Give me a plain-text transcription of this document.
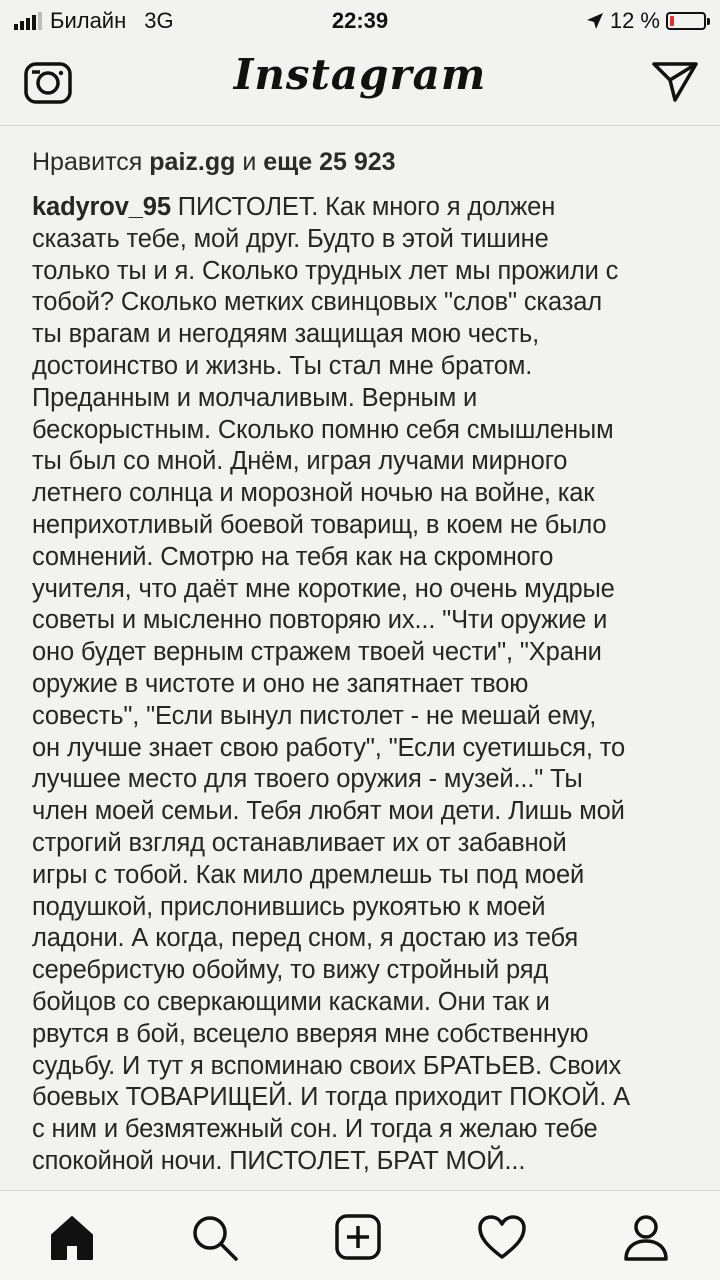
Билайн 3G	22:39	12 %
Instagram
Нравится paiz.gg и еще 25 923
kadyrov_95 ПИСТОЛЕТ. Как много я должен
сказать тебе, мой друг. Будто в этой тишине
только ты и я. Сколько трудных лет мы прожили с
тобой? Сколько метких свинцовых "слов" сказал
ты врагам и негодяям защищая мою честь,
достоинство и жизнь. Ты стал мне братом.
Преданным и молчаливым. Верным и
бескорыстным. Сколько помню себя смышленым
ты был со мной. Днём, играя лучами мирного
летнего солнца и морозной ночью на войне, как
неприхотливый боевой товарищ, в коем не было
сомнений. Смотрю на тебя как на скромного
учителя, что даёт мне короткие, но очень мудрые
советы и мысленно повторяю их... "Чти оружие и
оно будет верным стражем твоей чести", "Храни
оружие в чистоте и оно не запятнает твою
совесть", "Если вынул пистолет - не мешай ему,
он лучше знает свою работу", "Если суетишься, то
лучшее место для твоего оружия - музей..." Ты
член моей семьи. Тебя любят мои дети. Лишь мой
строгий взгляд останавливает их от забавной
игры с тобой. Как мило дремлешь ты под моей
подушкой, прислонившись рукоятью к моей
ладони. А когда, перед сном, я достаю из тебя
серебристую обойму, то вижу стройный ряд
бойцов со сверкающими касками. Они так и
рвутся в бой, всецело вверяя мне собственную
судьбу. И тут я вспоминаю своих БРАТЬЕВ. Своих
боевых ТОВАРИЩЕЙ. И тогда приходит ПОКОЙ. А
с ним и безмятежный сон. И тогда я желаю тебе
спокойной ночи. ПИСТОЛЕТ, БРАТ МОЙ...
